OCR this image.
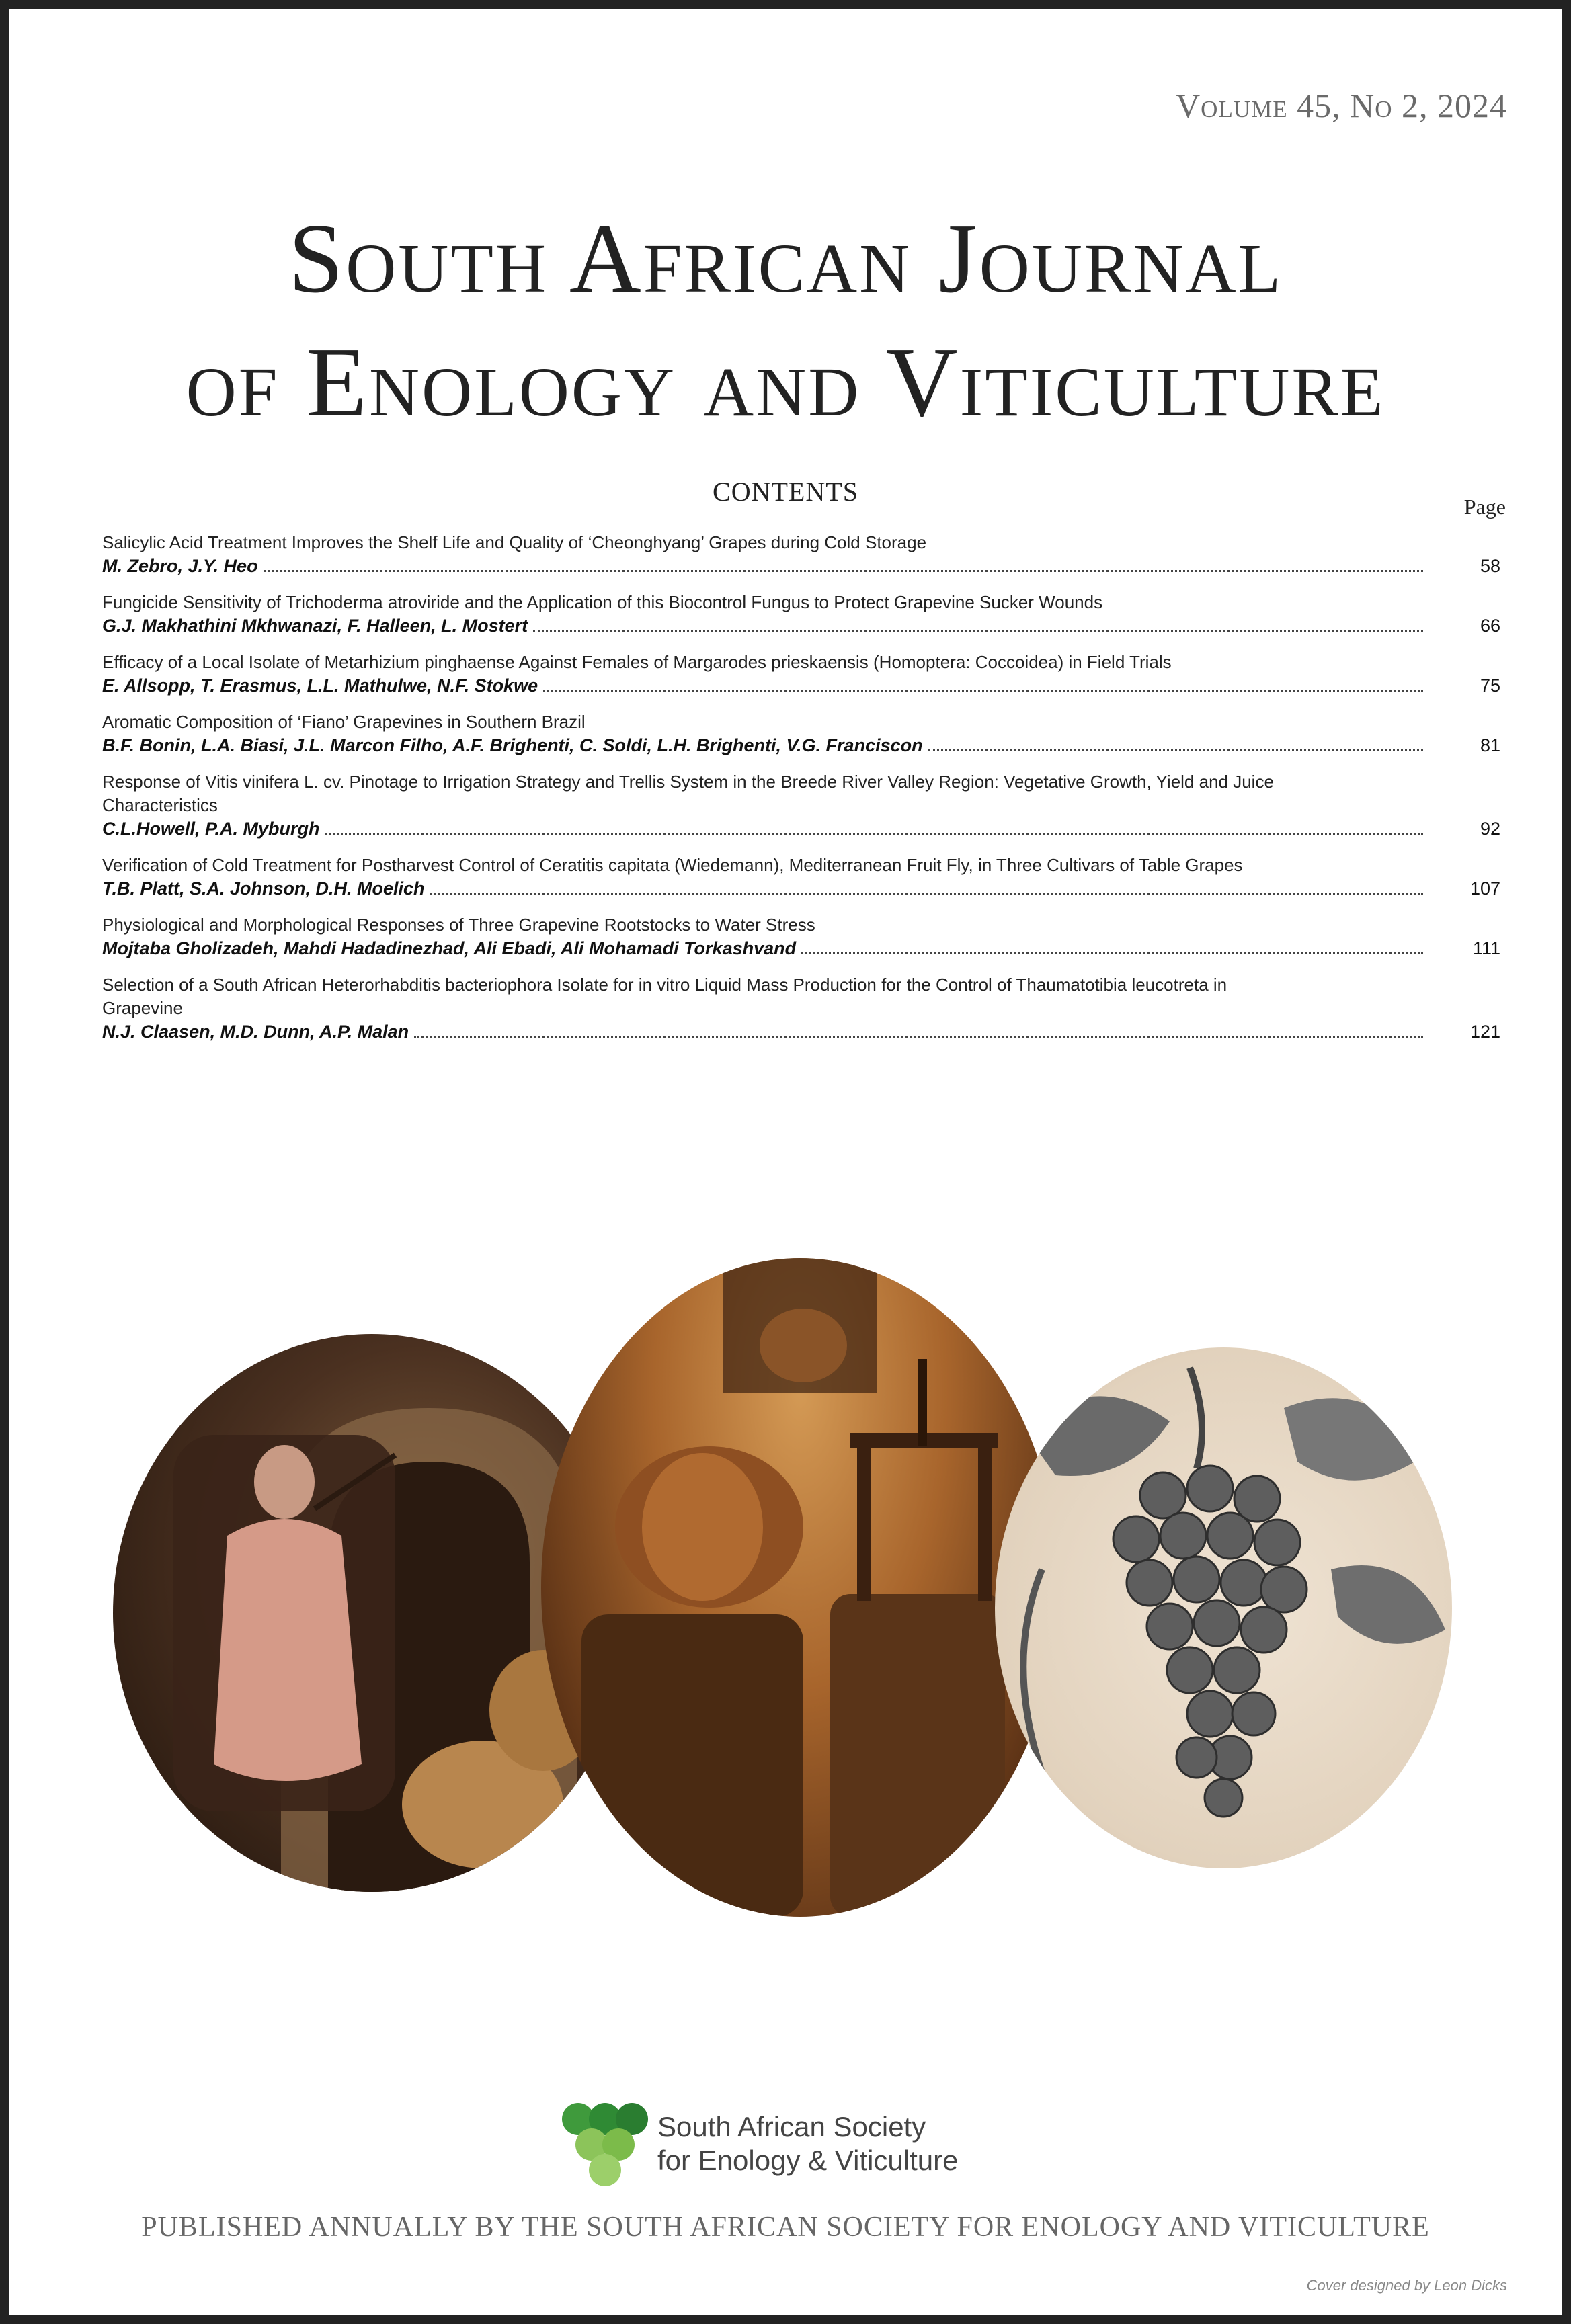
Volume 45, No 2, 2024
South African Journal
of Enology and Viticulture
CONTENTS	Page
Salicylic Acid Treatment Improves the Shelf Life and Quality of ‘Cheonghyang’ Grapes during Cold Storage
M. Zebro, J.Y. Heo	58
Fungicide Sensitivity of Trichoderma atroviride and the Application of this Biocontrol Fungus to Protect Grapevine Sucker Wounds
G.J. Makhathini Mkhwanazi, F. Halleen, L. Mostert	66
Efficacy of a Local Isolate of Metarhizium pinghaense Against Females of Margarodes prieskaensis (Homoptera: Coccoidea) in Field Trials
E. Allsopp, T. Erasmus, L.L. Mathulwe, N.F. Stokwe	75
Aromatic Composition of ‘Fiano’ Grapevines in Southern Brazil
B.F. Bonin, L.A. Biasi, J.L. Marcon Filho, A.F. Brighenti, C. Soldi, L.H. Brighenti, V.G. Franciscon	81
Response of Vitis vinifera L. cv. Pinotage to Irrigation Strategy and Trellis System in the Breede River Valley Region: Vegetative Growth, Yield and Juice Characteristics
C.L.Howell, P.A. Myburgh	92
Verification of Cold Treatment for Postharvest Control of Ceratitis capitata (Wiedemann), Mediterranean Fruit Fly, in Three Cultivars of Table Grapes
T.B. Platt, S.A. Johnson, D.H. Moelich	107
Physiological and Morphological Responses of Three Grapevine Rootstocks to Water Stress
Mojtaba Gholizadeh, Mahdi Hadadinezhad, Ali Ebadi, Ali Mohamadi Torkashvand	111
Selection of a South African Heterorhabditis bacteriophora Isolate for in vitro Liquid Mass Production for the Control of Thaumatotibia leucotreta in Grapevine
N.J. Claasen, M.D. Dunn, A.P. Malan	121
South African Society
for Enology & Viticulture
PUBLISHED ANNUALLY BY THE SOUTH AFRICAN SOCIETY FOR ENOLOGY AND VITICULTURE
Cover designed by Leon Dicks
